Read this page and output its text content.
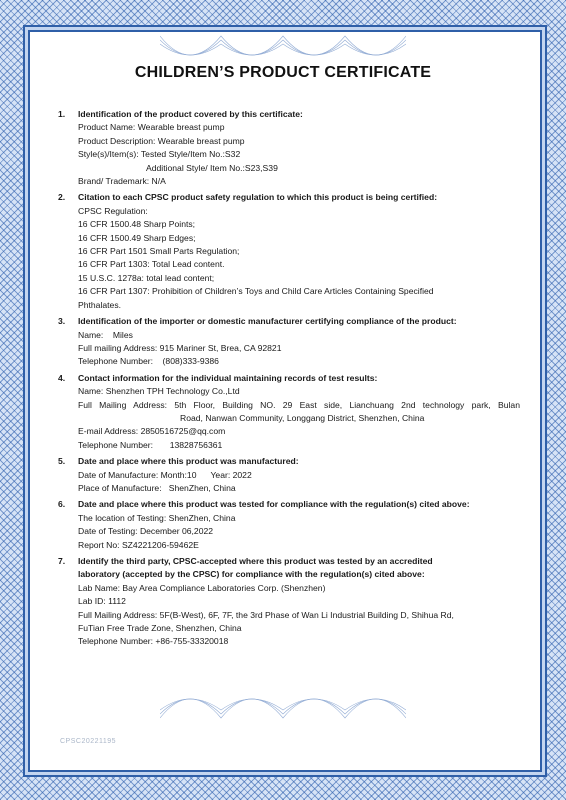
CPSC20221195
CHILDREN’S PRODUCT CERTIFICATE
1. Identification of the product covered by this certificate:
Product Name: Wearable breast pump
Product Description: Wearable breast pump
Style(s)/Item(s): Tested Style/Item No.:S32
Additional Style/ Item No.:S23,S39
Brand/ Trademark: N/A
2. Citation to each CPSC product safety regulation to which this product is being certified:
CPSC Regulation:
16 CFR 1500.48 Sharp Points;
16 CFR 1500.49 Sharp Edges;
16 CFR Part 1501 Small Parts Regulation;
16 CFR Part 1303: Total Lead content.
15 U.S.C. 1278a: total lead content;
16 CFR Part 1307: Prohibition of Children’s Toys and Child Care Articles Containing Specified
Phthalates.
3. Identification of the importer or domestic manufacturer certifying compliance of the product:
Name:    Miles
Full mailing Address: 915 Mariner St, Brea, CA 92821
Telephone Number:    (808)333-9386
4. Contact information for the individual maintaining records of test results:
Name: Shenzhen TPH Technology Co.,Ltd
Full Mailing Address: 5th Floor, Building NO. 29 East side, Lianchuang 2nd technology park, Bulan
Road, Nanwan Community, Longgang District, Shenzhen, China
E-mail Address: 2850516725@qq.com
Telephone Number:       13828756361
5. Date and place where this product was manufactured:
Date of Manufacture: Month:10 Year: 2022
Place of Manufacture:   ShenZhen, China
6. Date and place where this product was tested for compliance with the regulation(s) cited above:
The location of Testing: ShenZhen, China
Date of Testing: December 06,2022
Report No: SZ4221206-59462E
7. Identify the third party, CPSC-accepted where this product was tested by an accredited
laboratory (accepted by the CPSC) for compliance with the regulation(s) cited above:
Lab Name: Bay Area Compliance Laboratories Corp. (Shenzhen)
Lab ID: 1112
Full Mailing Address: 5F(B-West), 6F, 7F, the 3rd Phase of Wan Li Industrial Building D, Shihua Rd,
FuTian Free Trade Zone, Shenzhen, China
Telephone Number: +86-755-33320018
